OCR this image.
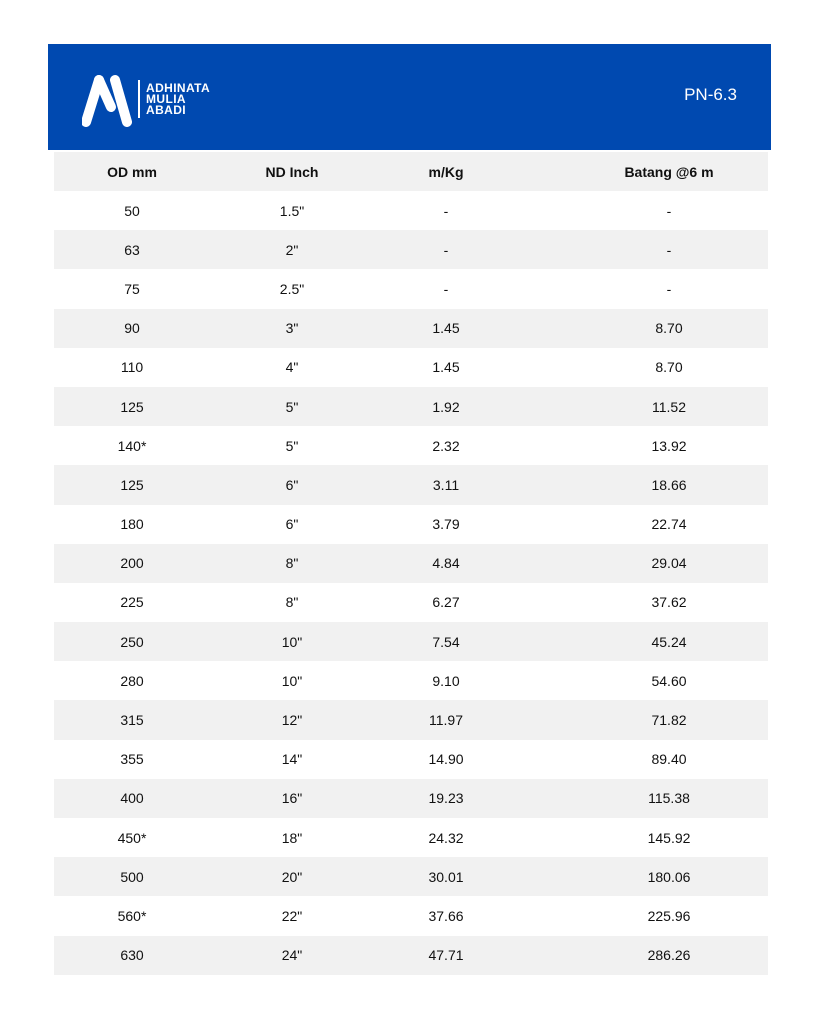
ADHINATA
MULIA
ABADI
PN-6.3
OD mm	ND Inch	m/Kg	Batang @6 m
50	1.5"	-	-
63	2"	-	-
75	2.5"	-	-
90	3"	1.45	8.70
110	4"	1.45	8.70
125	5"	1.92	11.52
140*	5"	2.32	13.92
125	6"	3.11	18.66
180	6"	3.79	22.74
200	8"	4.84	29.04
225	8"	6.27	37.62
250	10"	7.54	45.24
280	10"	9.10	54.60
315	12"	11.97	71.82
355	14"	14.90	89.40
400	16"	19.23	115.38
450*	18"	24.32	145.92
500	20"	30.01	180.06
560*	22"	37.66	225.96
630	24"	47.71	286.26
